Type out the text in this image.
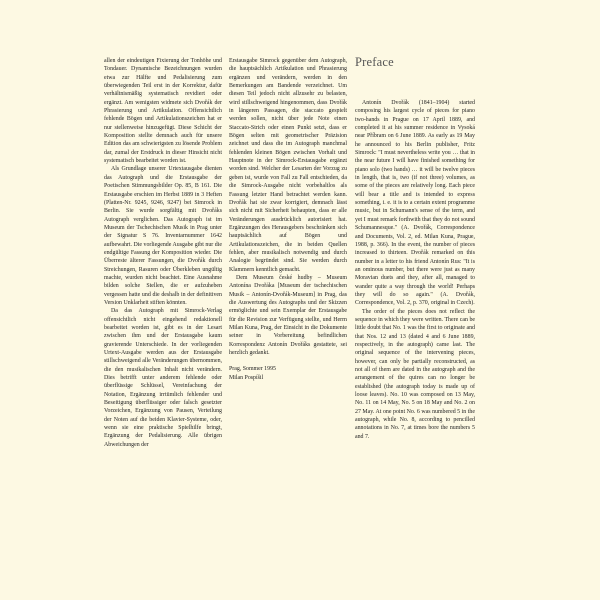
allen der eindeutigen Fixierung der Tonhöhe und Tondauer. Dynamische Bezeichnungen wurden etwa zur Hälfte und Pedalisierung zum überwiegenden Teil erst in der Korrektur, dafür verhältnismäßig systematisch revidiert oder ergänzt. Am wenigsten widmete sich Dvořák der Phrasierung und Artikulation. Offensichtlich fehlende Bögen und Artikulationszeichen hat er nur stellenweise hinzugefügt. Diese Schicht der Komposition stellte demnach auch für unsere Edition das am schwierigsten zu lösende Problem dar, zumal der Erstdruck in dieser Hinsicht nicht systematisch bearbeitet worden ist.

Als Grundlage unserer Urtextausgabe dienten das Autograph und die Erstausgabe der Poetischen Stimmungsbilder Op. 85, B 161. Die Erstausgabe erschien im Herbst 1889 in 3 Heften (Platten-Nr. 9245, 9246, 9247) bei Simrock in Berlin. Sie wurde sorgfältig mit Dvořáks Autograph verglichen. Das Autograph ist im Museum der Tschechischen Musik in Prag unter der Signatur S 76. Inventarnummer 1642 aufbewahrt. Die vorliegende Ausgabe gibt nur die endgültige Fassung der Komposition wieder. Die Überreste älterer Fassungen, die Dvořák durch Streichungen, Rasuren oder Überkleben ungültig machte, wurden nicht beachtet. Eine Ausnahme bilden solche Stellen, die er aufzuheben vergessen hatte und die deshalb in der definitiven Version Unklarheit stiften könnten.

Da das Autograph mit Simrock-Verlag offensichtlich nicht eingehend redaktionell bearbeitet worden ist, gibt es in der Lesart zwischen ihm und der Erstausgabe kaum gravierende Unterschiede. In der vorliegenden Urtext-Ausgabe werden aus der Erstausgabe stillschweigend alle Veränderungen übernommen, die den musikalischen Inhalt nicht verändern. Dies betrifft unter anderem fehlende oder überflüssige Schlüssel, Vereinfachung der Notation, Ergänzung irrtümlich fehlender und Beseitigung überflüssiger oder falsch gesetzter Vorzeichen, Ergänzung von Pausen, Verteilung der Noten auf die beiden Klavier-Systeme, oder, wenn sie eine praktische Spielhilfe bringt, Ergänzung der Pedalisierung. Alle übrigen Abweichungen der

Erstausgabe Simrock gegenüber dem Autograph, die hauptsächlich Artikulation und Phrasierung ergänzen und verändern, werden in den Bemerkungen am Bandende verzeichnet. Um diesen Teil jedoch nicht allzusehr zu belasten, wird stillschweigend hingenommen, dass Dvořák in längeren Passagen, die staccato gespielt werden sollen, nicht über jede Note einen Staccato-Strich oder einen Punkt setzt, dass er Bögen selten mit geometrischer Präzision zeichnet und dass die im Autograph manchmal fehlenden kleinen Bögen zwischen Vorhalt und Hauptnote in der Simrock-Erstausgabe ergänzt worden sind. Welcher der Lesarten der Vorzug zu geben ist, wurde von Fall zu Fall entschieden, da die Simrock-Ausgabe nicht vorbehaltlos als Fassung letzter Hand betrachtet werden kann. Dvořák hat sie zwar korrigiert, demnach lässt sich nicht mit Sicherheit behaupten, dass er alle Veränderungen ausdrücklich autorisiert hat. Ergänzungen des Herausgebers beschränken sich hauptsächlich auf Bögen und Artikulationszeichen, die in beiden Quellen fehlen, aber musikalisch notwendig und durch Analogie begründet sind. Sie werden durch Klammern kenntlich gemacht.

Dem Museum české hudby – Museum Antonína Dvořáka [Museum der tschechischen Musik – Antonín-Dvořák-Museum] in Prag, das die Auswertung des Autographs und der Skizzen ermöglichte und sein Exemplar der Erstausgabe für die Revision zur Verfügung stellte, und Herrn Milan Kuna, Prag, der Einsicht in die Dokumente seiner in Vorbereitung befindlichen Korrespondenz Antonín Dvořáks gestattete, sei herzlich gedankt.

Prag, Sommer 1995

Milan Pospíšil

Preface

Antonín Dvořák (1841–1904) started composing his largest cycle of pieces for piano two-hands in Prague on 17 April 1889, and completed it at his summer residence in Vysoká near Příbram on 6 June 1889. As early as 19 May he announced to his Berlin publisher, Fritz Simrock: "I must nevertheless write you … that in the near future I will have finished something for piano solo (two hands) … it will be twelve pieces in length, that is, two (if not three) volumes, as some of the pieces are relatively long. Each piece will bear a title and is intended to express something, i. e. it is to a certain extent programme music, but in Schumann's sense of the term, and yet I must remark forthwith that they do not sound Schumannesque." (A. Dvořák, Correspondence and Documents, Vol. 2, ed. Milan Kuna, Prague, 1988, p. 366). In the event, the number of pieces increased to thirteen. Dvořák remarked on this number in a letter to his friend Antonín Rus: "It is an ominous number, but there were just as many Moravian duets and they, after all, managed to wander quite a way through the world! Perhaps they will do so again." (A. Dvořák, Correspondence, Vol. 2, p. 370, original in Czech).

The order of the pieces does not reflect the sequence in which they were written. There can be little doubt that No. 1 was the first to originate and that Nos. 12 and 13 (dated 4 and 6 June 1889, respectively, in the autograph) came last. The original sequence of the intervening pieces, however, can only be partially reconstructed, as not all of them are dated in the autograph and the arrangement of the quires can no longer be established (the autograph today is made up of loose leaves). No. 10 was composed on 13 May, No. 11 on 14 May, No. 5 on 18 May and No. 2 on 27 May. At one point No. 6 was numbered 5 in the autograph, while No. 8, according to pencilled annotations in No. 7, at times bore the numbers 5 and 7.
